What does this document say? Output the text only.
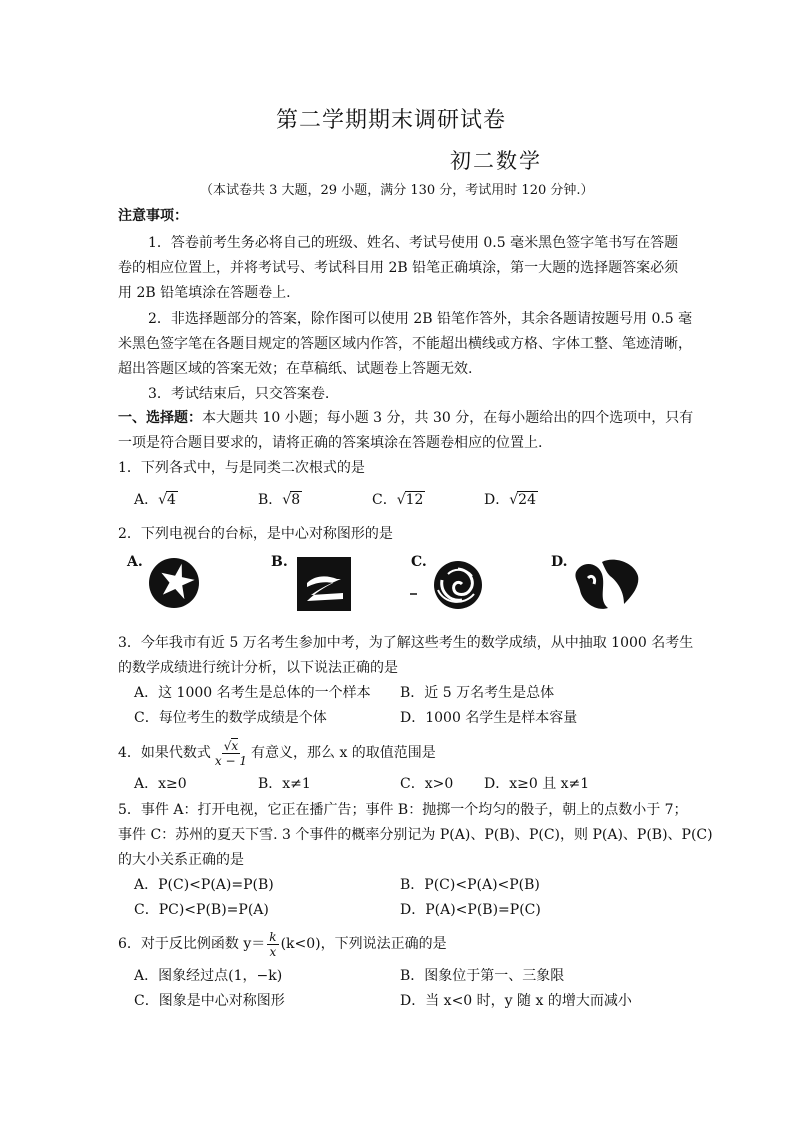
第二学期期末调研试卷
初二数学
（本试卷共 3 大题，29 小题，满分 130 分，考试用时 120 分钟.）
注意事项：
1．答卷前考生务必将自己的班级、姓名、考试号使用 0.5 毫米黑色签字笔书写在答题
卷的相应位置上，并将考试号、考试科目用 2B 铅笔正确填涂，第一大题的选择题答案必须
用 2B 铅笔填涂在答题卷上.
2．非选择题部分的答案，除作图可以使用 2B 铅笔作答外，其余各题请按题号用 0.5 毫
米黑色签字笔在各题目规定的答题区域内作答，不能超出横线或方格、字体工整、笔迹清晰，
超出答题区域的答案无效；在草稿纸、试题卷上答题无效.
3．考试结束后，只交答案卷.
一、选择题：本大题共 10 小题；每小题 3 分，共 30 分，在每小题给出的四个选项中，只有
一项是符合题目要求的，请将正确的答案填涂在答题卷相应的位置上.
1．下列各式中，与是同类二次根式的是
A．√4	B．√8	C．√12	D．√24
2．下列电视台的台标，是中心对称图形的是
A.	B.	C.	D.
3．今年我市有近 5 万名考生参加中考，为了解这些考生的数学成绩，从中抽取 1000 名考生
的数学成绩进行统计分析，以下说法正确的是
A．这 1000 名考生是总体的一个样本 B．近 5 万名考生是总体
C．每位考生的数学成绩是个体	D．1000 名学生是样本容量
4．如果代数式 $\frac{√x}{x - 1}$ 有意义，那么 x 的取值范围是
A．x≥0	B．x≠1	C．x>0 D．x≥0 且 x≠1
5．事件 A：打开电视，它正在播广告；事件 B：抛掷一个均匀的骰子，朝上的点数小于 7；
事件 C：苏州的夏天下雪. 3 个事件的概率分别记为 P(A)、P(B)、P(C)，则 P(A)、P(B)、P(C)
的大小关系正确的是
A．P(C)<P(A)=P(B)	B．P(C)<P(A)<P(B)
C．PC)<P(B)=P(A)	D．P(A)<P(B)=P(C)
6．对于反比例函数 $y= \frac{k}{x} (k<0)$，下列说法正确的是
A．图象经过点(1，−k)	B．图象位于第一、三象限
C．图象是中心对称图形	D．当 x<0 时，y 随 x 的增大而减小
